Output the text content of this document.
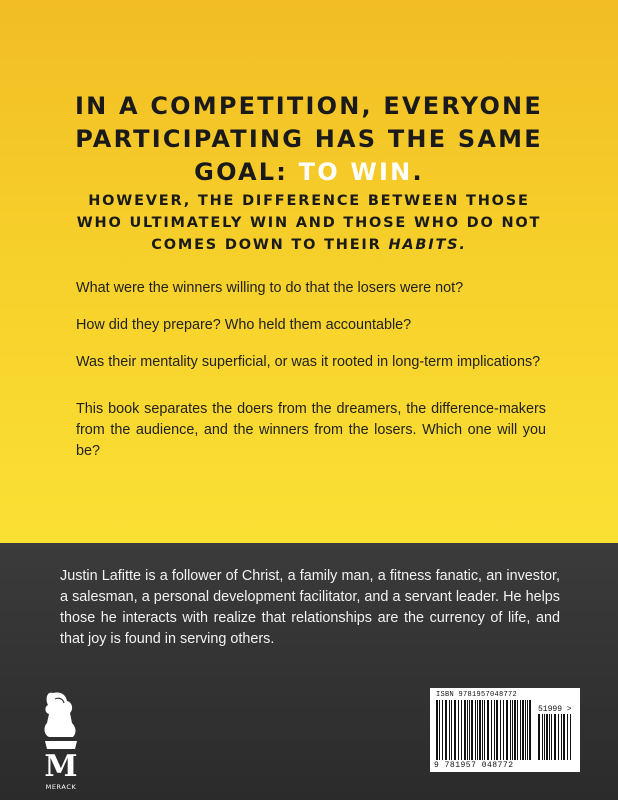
IN A COMPETITION, EVERYONE
PARTICIPATING HAS THE SAME
GOAL: TO WIN.
HOWEVER, THE DIFFERENCE BETWEEN THOSE
WHO ULTIMATELY WIN AND THOSE WHO DO NOT
COMES DOWN TO THEIR HABITS.
What were the winners willing to do that the losers were not?
How did they prepare? Who held them accountable?
Was their mentality superficial, or was it rooted in long-term implications?
This book separates the doers from the dreamers, the difference-makers from the audience, and the winners from the losers. Which one will you be?
Justin Lafitte is a follower of Christ, a family man, a fitness fanatic, an investor, a salesman, a personal development facilitator, and a servant leader. He helps those he interacts with realize that relationships are the currency of life, and that joy is found in serving others.
M
MERACK
ISBN 9781957048772
51999 >
9 781957 048772
